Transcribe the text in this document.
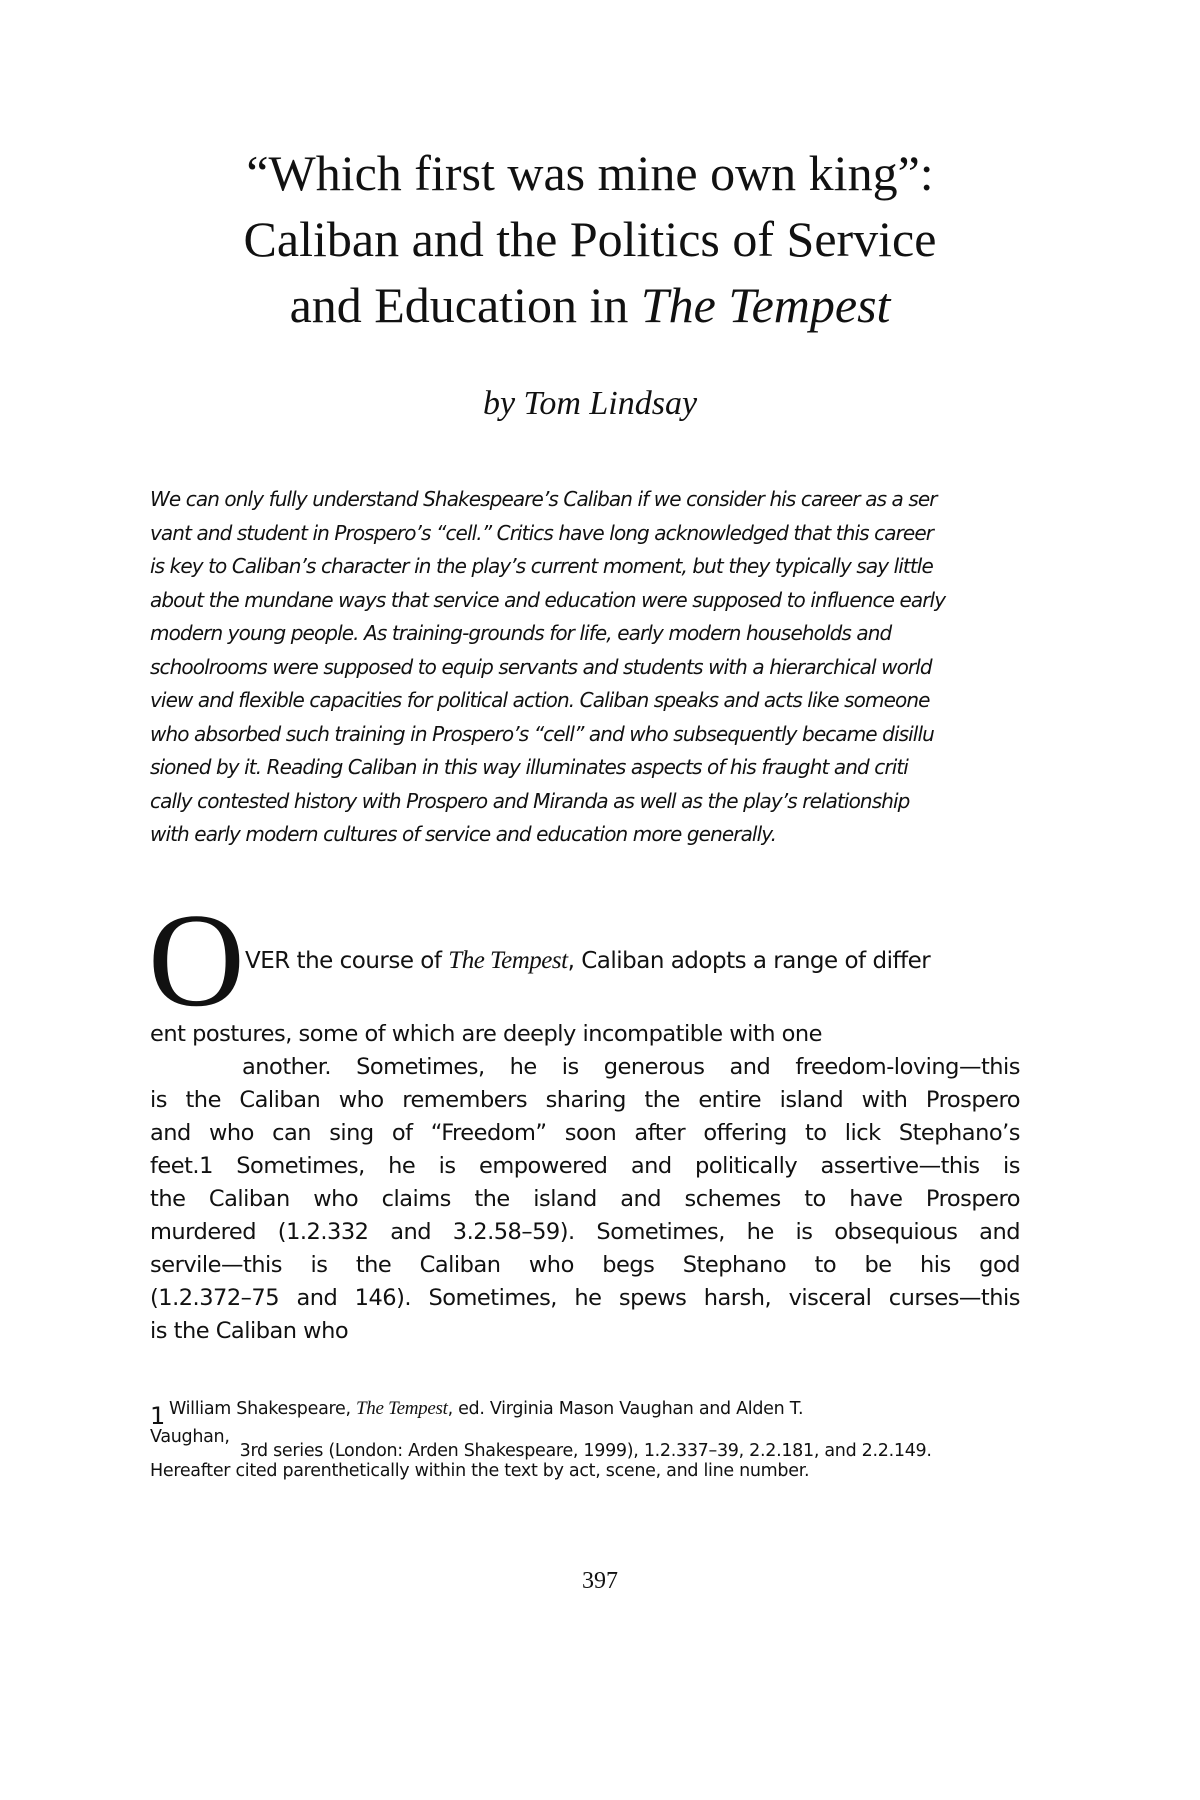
“Which first was mine own king”:
Caliban and the Politics of Service
and Education in The Tempest

by Tom Lindsay

We can only fully understand Shakespeare’s Caliban if we consider his career as a ser
vant and student in Prospero’s “cell.” Critics have long acknowledged that this career
is key to Caliban’s character in the play’s current moment, but they typically say little
about the mundane ways that service and education were supposed to influence early
modern young people. As training-grounds for life, early modern households and
schoolrooms were supposed to equip servants and students with a hierarchical world
view and flexible capacities for political action. Caliban speaks and acts like someone
who absorbed such training in Prospero’s “cell” and who subsequently became disillu
sioned by it. Reading Caliban in this way illuminates aspects of his fraught and criti
cally contested history with Prospero and Miranda as well as the play’s relationship
with early modern cultures of service and education more generally.

O VER the course of The Tempest, Caliban adopts a range of differ
ent postures, some of which are deeply incompatible with one
another. Sometimes, he is generous and freedom-loving—this
is the Caliban who remembers sharing the entire island with Prospero
and who can sing of “Freedom” soon after offering to lick Stephano’s
feet.1 Sometimes, he is empowered and politically assertive—this is
the Caliban who claims the island and schemes to have Prospero
murdered (1.2.332 and 3.2.58–59). Sometimes, he is obsequious and
servile—this is the Caliban who begs Stephano to be his god
(1.2.372–75 and 146). Sometimes, he spews harsh, visceral curses—this
is the Caliban who
1 William Shakespeare, The Tempest, ed. Virginia Mason Vaughan and Alden T.
Vaughan,3rd series (London: Arden Shakespeare, 1999), 1.2.337–39, 2.2.181, and 2.2.149.
Hereafter cited parenthetically within the text by act, scene, and line number.
397
